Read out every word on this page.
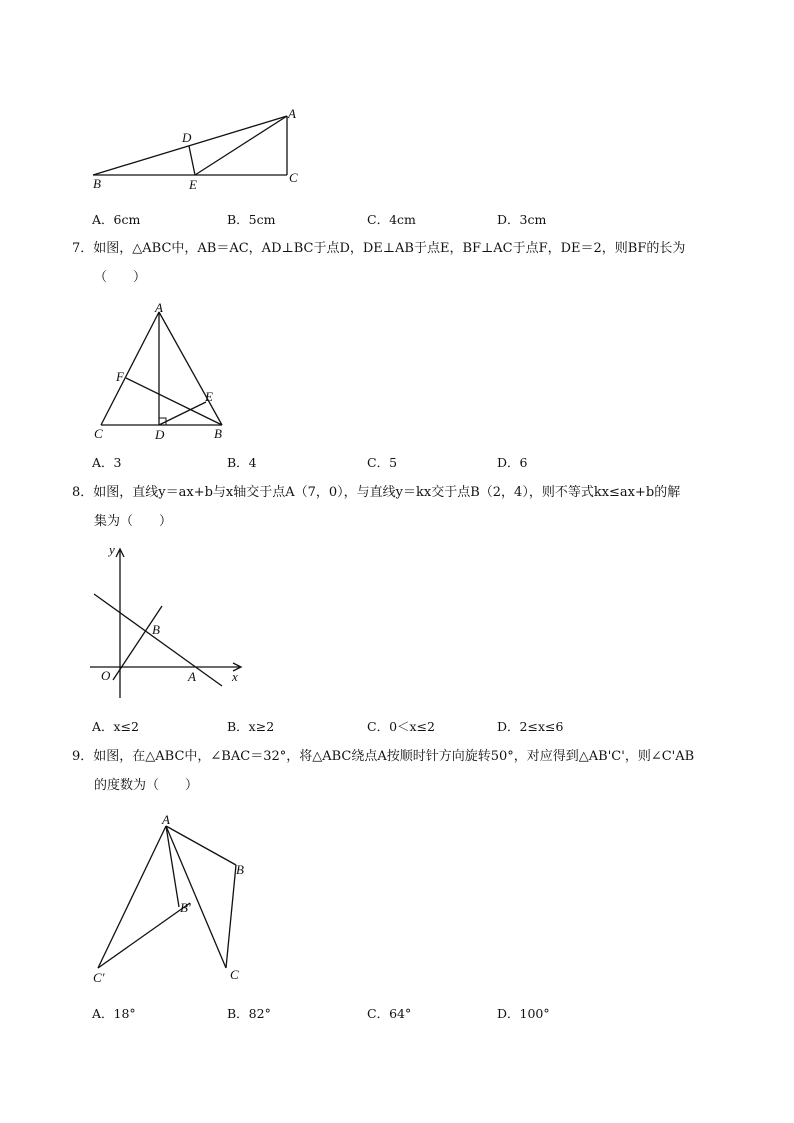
A
B	C
D
E
A．6cm	B．5cm	C．4cm	D．3cm
7．如图，△ABC中，AB＝AC，AD⊥BC于点D，DE⊥AB于点E，BF⊥AC于点F，DE＝2，则BF的长为
（　　）
A
B
C	D
E
F
A．3	B．4	C．5	D．6
8．如图，直线y＝ax+b与x轴交于点A（7，0），与直线y＝kx交于点B（2，4），则不等式kx≤ax+b的解
集为（　　）
y
x
O	A
B
A．x≤2	B．x≥2	C．0＜x≤2	D．2≤x≤6
9．如图，在△ABC中，∠BAC＝32°，将△ABC绕点A按顺时针方向旋转50°，对应得到△AB'C'，则∠C'AB
的度数为（　　）
A
B
C
B'
C'
A．18°	B．82°	C．64°	D．100°
